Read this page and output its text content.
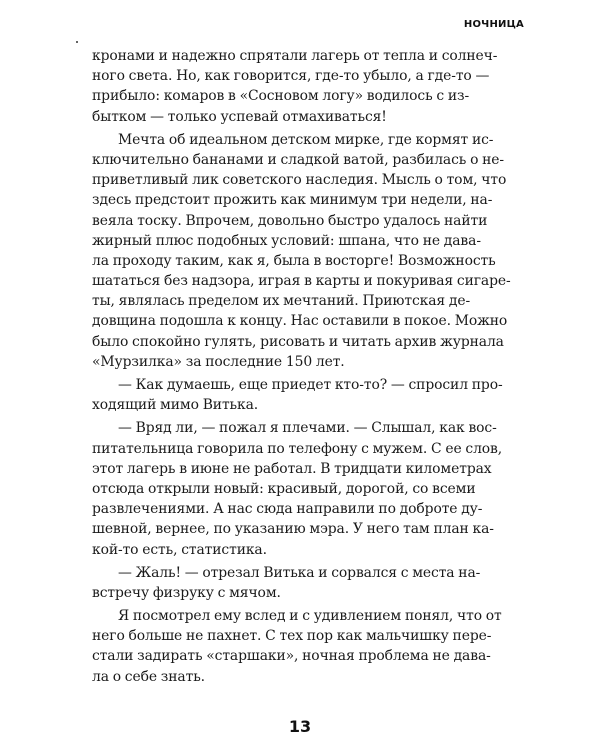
НОЧНИЦА

кронами и надежно спрятали лагерь от тепла и солнеч-
ного света. Но, как говорится, где-то убыло, а где-то —
прибыло: комаров в «Сосновом логу» водилось с из-
бытком — только успевай отмахиваться!

Мечта об идеальном детском мирке, где кормят ис-
ключительно бананами и сладкой ватой, разбилась о не-
приветливый лик советского наследия. Мысль о том, что
здесь предстоит прожить как минимум три недели, на-
веяла тоску. Впрочем, довольно быстро удалось найти
жирный плюс подобных условий: шпана, что не дава-
ла проходу таким, как я, была в восторге! Возможность
шататься без надзора, играя в карты и покуривая сигаре-
ты, являлась пределом их мечтаний. Приютская де-
довщина подошла к концу. Нас оставили в покое. Можно
было спокойно гулять, рисовать и читать архив журнала
«Мурзилка» за последние 150 лет.

— Как думаешь, еще приедет кто-то? — спросил про-
ходящий мимо Витька.

— Вряд ли, — пожал я плечами. — Слышал, как вос-
питательница говорила по телефону с мужем. С ее слов,
этот лагерь в июне не работал. В тридцати километрах
отсюда открыли новый: красивый, дорогой, со всеми
развлечениями. А нас сюда направили по доброте ду-
шевной, вернее, по указанию мэра. У него там план ка-
кой-то есть, статистика.

— Жаль! — отрезал Витька и сорвался с места на-
встречу физруку с мячом.

Я посмотрел ему вслед и с удивлением понял, что от
него больше не пахнет. С тех пор как мальчишку пере-
стали задирать «старшаки», ночная проблема не дава-
ла о себе знать.

13
